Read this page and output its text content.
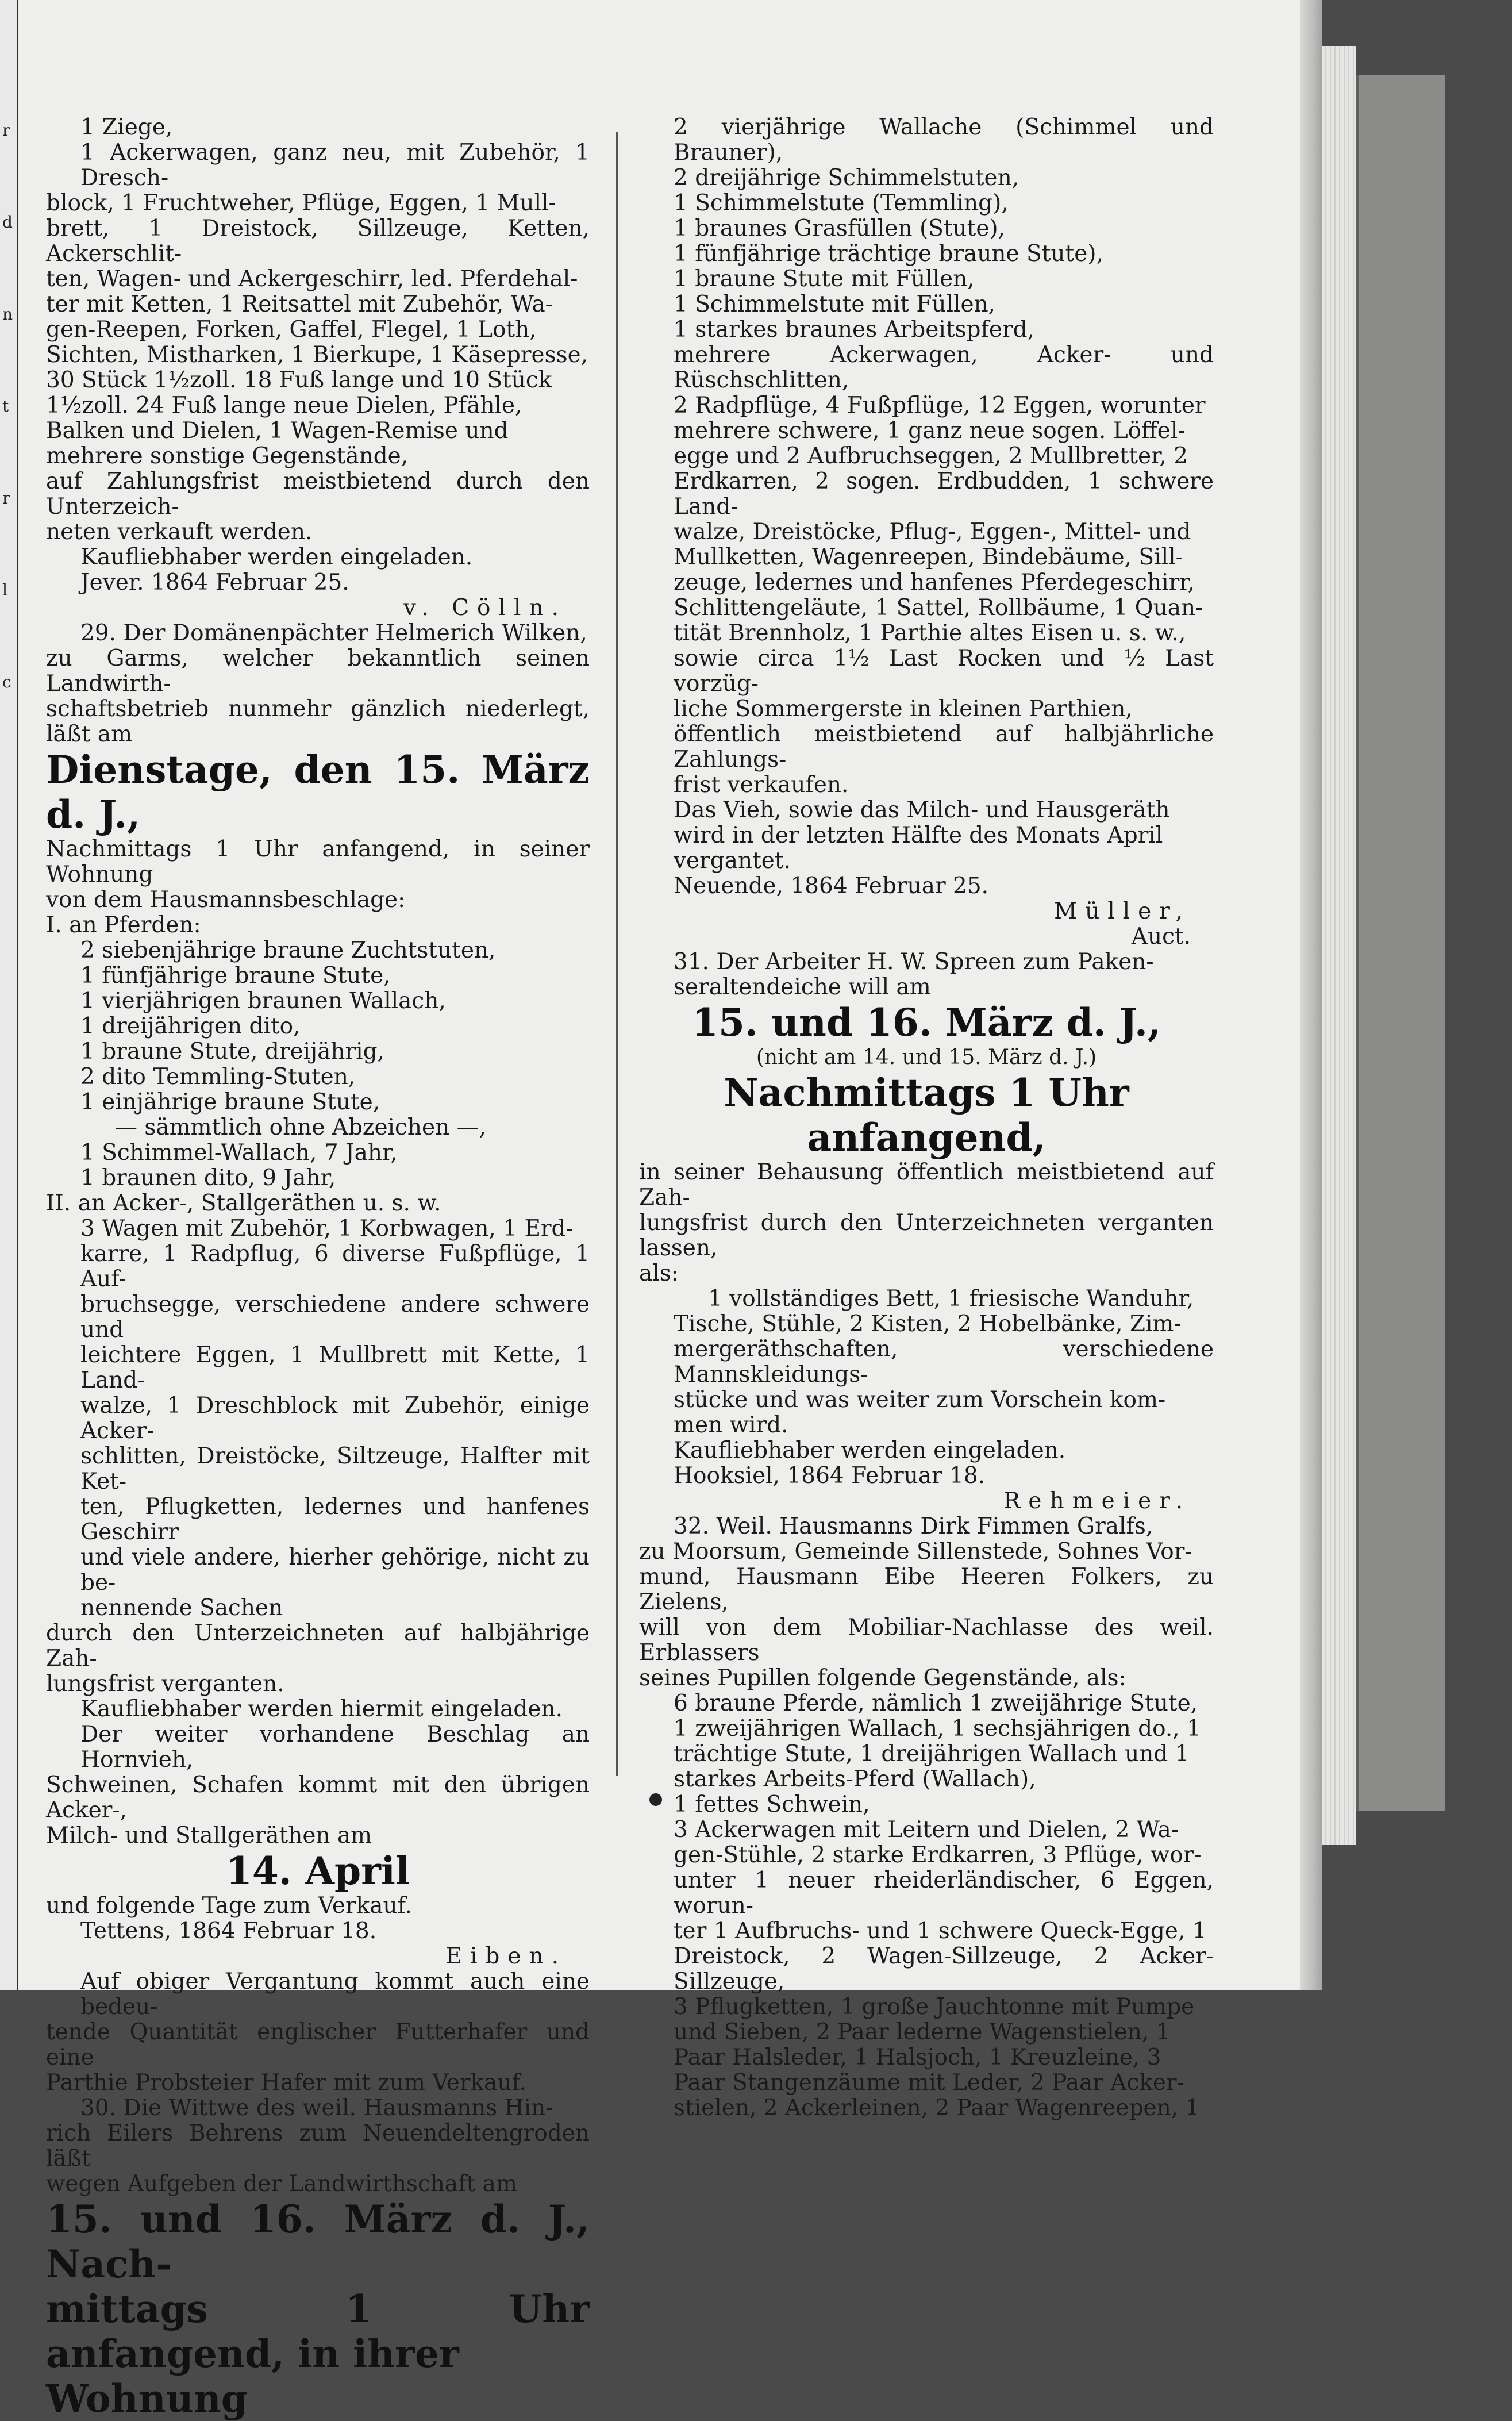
r
d
n
t
r
l
c

1 Ziege,

1 Ackerwagen, ganz neu, mit Zubehör, 1 Dresch-

block, 1 Fruchtweher, Pflüge, Eggen, 1 Mull-

brett, 1 Dreistock, Sillzeuge, Ketten, Ackerschlit-

ten, Wagen- und Ackergeschirr, led. Pferdehal-

ter mit Ketten, 1 Reitsattel mit Zubehör, Wa-

gen-Reepen, Forken, Gaffel, Flegel, 1 Loth,

Sichten, Mistharken, 1 Bierkupe, 1 Käsepresse,

30 Stück 1½zoll. 18 Fuß lange und 10 Stück

1½zoll. 24 Fuß lange neue Dielen, Pfähle,

Balken und Dielen, 1 Wagen-Remise und

mehrere sonstige Gegenstände,

auf Zahlungsfrist meistbietend durch den Unterzeich-

neten verkauft werden.

Kaufliebhaber werden eingeladen.

Jever. 1864 Februar 25.

v. Cölln.

29. Der Domänenpächter Helmerich Wilken,

zu Garms, welcher bekanntlich seinen Landwirth-

schaftsbetrieb nunmehr gänzlich niederlegt, läßt am

Dienstage, den 15. März d. J.,

Nachmittags 1 Uhr anfangend, in seiner Wohnung

von dem Hausmannsbeschlage:

I. an Pferden:

2 siebenjährige braune Zuchtstuten,

1 fünfjährige braune Stute,

1 vierjährigen braunen Wallach,

1 dreijährigen dito,

1 braune Stute, dreijährig,

2 dito Temmling-Stuten,

1 einjährige braune Stute,

— sämmtlich ohne Abzeichen —,

1 Schimmel-Wallach, 7 Jahr,

1 braunen dito, 9 Jahr,

II. an Acker-, Stallgeräthen u. s. w.

3 Wagen mit Zubehör, 1 Korbwagen, 1 Erd-

karre, 1 Radpflug, 6 diverse Fußpflüge, 1 Auf-

bruchsegge, verschiedene andere schwere und

leichtere Eggen, 1 Mullbrett mit Kette, 1 Land-

walze, 1 Dreschblock mit Zubehör, einige Acker-

schlitten, Dreistöcke, Siltzeuge, Halfter mit Ket-

ten, Pflugketten, ledernes und hanfenes Geschirr

und viele andere, hierher gehörige, nicht zu be-

nennende Sachen

durch den Unterzeichneten auf halbjährige Zah-

lungsfrist verganten.

Kaufliebhaber werden hiermit eingeladen.

Der weiter vorhandene Beschlag an Hornvieh,

Schweinen, Schafen kommt mit den übrigen Acker-,

Milch- und Stallgeräthen am

14. April

und folgende Tage zum Verkauf.

Tettens, 1864 Februar 18.

Eiben.

Auf obiger Vergantung kommt auch eine bedeu-

tende Quantität englischer Futterhafer und eine

Parthie Probsteier Hafer mit zum Verkauf.

30. Die Wittwe des weil. Hausmanns Hin-

rich Eilers Behrens zum Neuendeltengroden läßt

wegen Aufgeben der Landwirthschaft am

15. und 16. März d. J., Nach-

mittags 1 Uhr anfangend, in ihrer

Wohnung

2 vierjährige Wallache (Schimmel und Brauner),

2 dreijährige Schimmelstuten,

1 Schimmelstute (Temmling),

1 braunes Grasfüllen (Stute),

1 fünfjährige trächtige braune Stute),

1 braune Stute mit Füllen,

1 Schimmelstute mit Füllen,

1 starkes braunes Arbeitspferd,

mehrere Ackerwagen, Acker- und Rüschschlitten,

2 Radpflüge, 4 Fußpflüge, 12 Eggen, worunter

mehrere schwere, 1 ganz neue sogen. Löffel-

egge und 2 Aufbruchseggen, 2 Mullbretter, 2

Erdkarren, 2 sogen. Erdbudden, 1 schwere Land-

walze, Dreistöcke, Pflug-, Eggen-, Mittel- und

Mullketten, Wagenreepen, Bindebäume, Sill-

zeuge, ledernes und hanfenes Pferdegeschirr,

Schlittengeläute, 1 Sattel, Rollbäume, 1 Quan-

tität Brennholz, 1 Parthie altes Eisen u. s. w.,

sowie circa 1½ Last Rocken und ½ Last vorzüg-

liche Sommergerste in kleinen Parthien,

öffentlich meistbietend auf halbjährliche Zahlungs-

frist verkaufen.

Das Vieh, sowie das Milch- und Hausgeräth

wird in der letzten Hälfte des Monats April

vergantet.

Neuende, 1864 Februar 25.

Müller,

Auct.

31. Der Arbeiter H. W. Spreen zum Paken-

seraltendeiche will am

15. und 16. März d. J.,

(nicht am 14. und 15. März d. J.)

Nachmittags 1 Uhr anfangend,

in seiner Behausung öffentlich meistbietend auf Zah-

lungsfrist durch den Unterzeichneten verganten lassen,

als:

1 vollständiges Bett, 1 friesische Wanduhr,

Tische, Stühle, 2 Kisten, 2 Hobelbänke, Zim-

mergeräthschaften, verschiedene Mannskleidungs-

stücke und was weiter zum Vorschein kom-

men wird.

Kaufliebhaber werden eingeladen.

Hooksiel, 1864 Februar 18.

Rehmeier.

32. Weil. Hausmanns Dirk Fimmen Gralfs,

zu Moorsum, Gemeinde Sillenstede, Sohnes Vor-

mund, Hausmann Eibe Heeren Folkers, zu Zielens,

will von dem Mobiliar-Nachlasse des weil. Erblassers

seines Pupillen folgende Gegenstände, als:

6 braune Pferde, nämlich 1 zweijährige Stute,

1 zweijährigen Wallach, 1 sechsjährigen do., 1

trächtige Stute, 1 dreijährigen Wallach und 1

starkes Arbeits-Pferd (Wallach),

1 fettes Schwein,

3 Ackerwagen mit Leitern und Dielen, 2 Wa-

gen-Stühle, 2 starke Erdkarren, 3 Pflüge, wor-

unter 1 neuer rheiderländischer, 6 Eggen, worun-

ter 1 Aufbruchs- und 1 schwere Queck-Egge, 1

Dreistock, 2 Wagen-Sillzeuge, 2 Acker-Sillzeuge,

3 Pflugketten, 1 große Jauchtonne mit Pumpe

und Sieben, 2 Paar lederne Wagenstielen, 1

Paar Halsleder, 1 Halsjoch, 1 Kreuzleine, 3

Paar Stangenzäume mit Leder, 2 Paar Acker-

stielen, 2 Ackerleinen, 2 Paar Wagenreepen, 1
